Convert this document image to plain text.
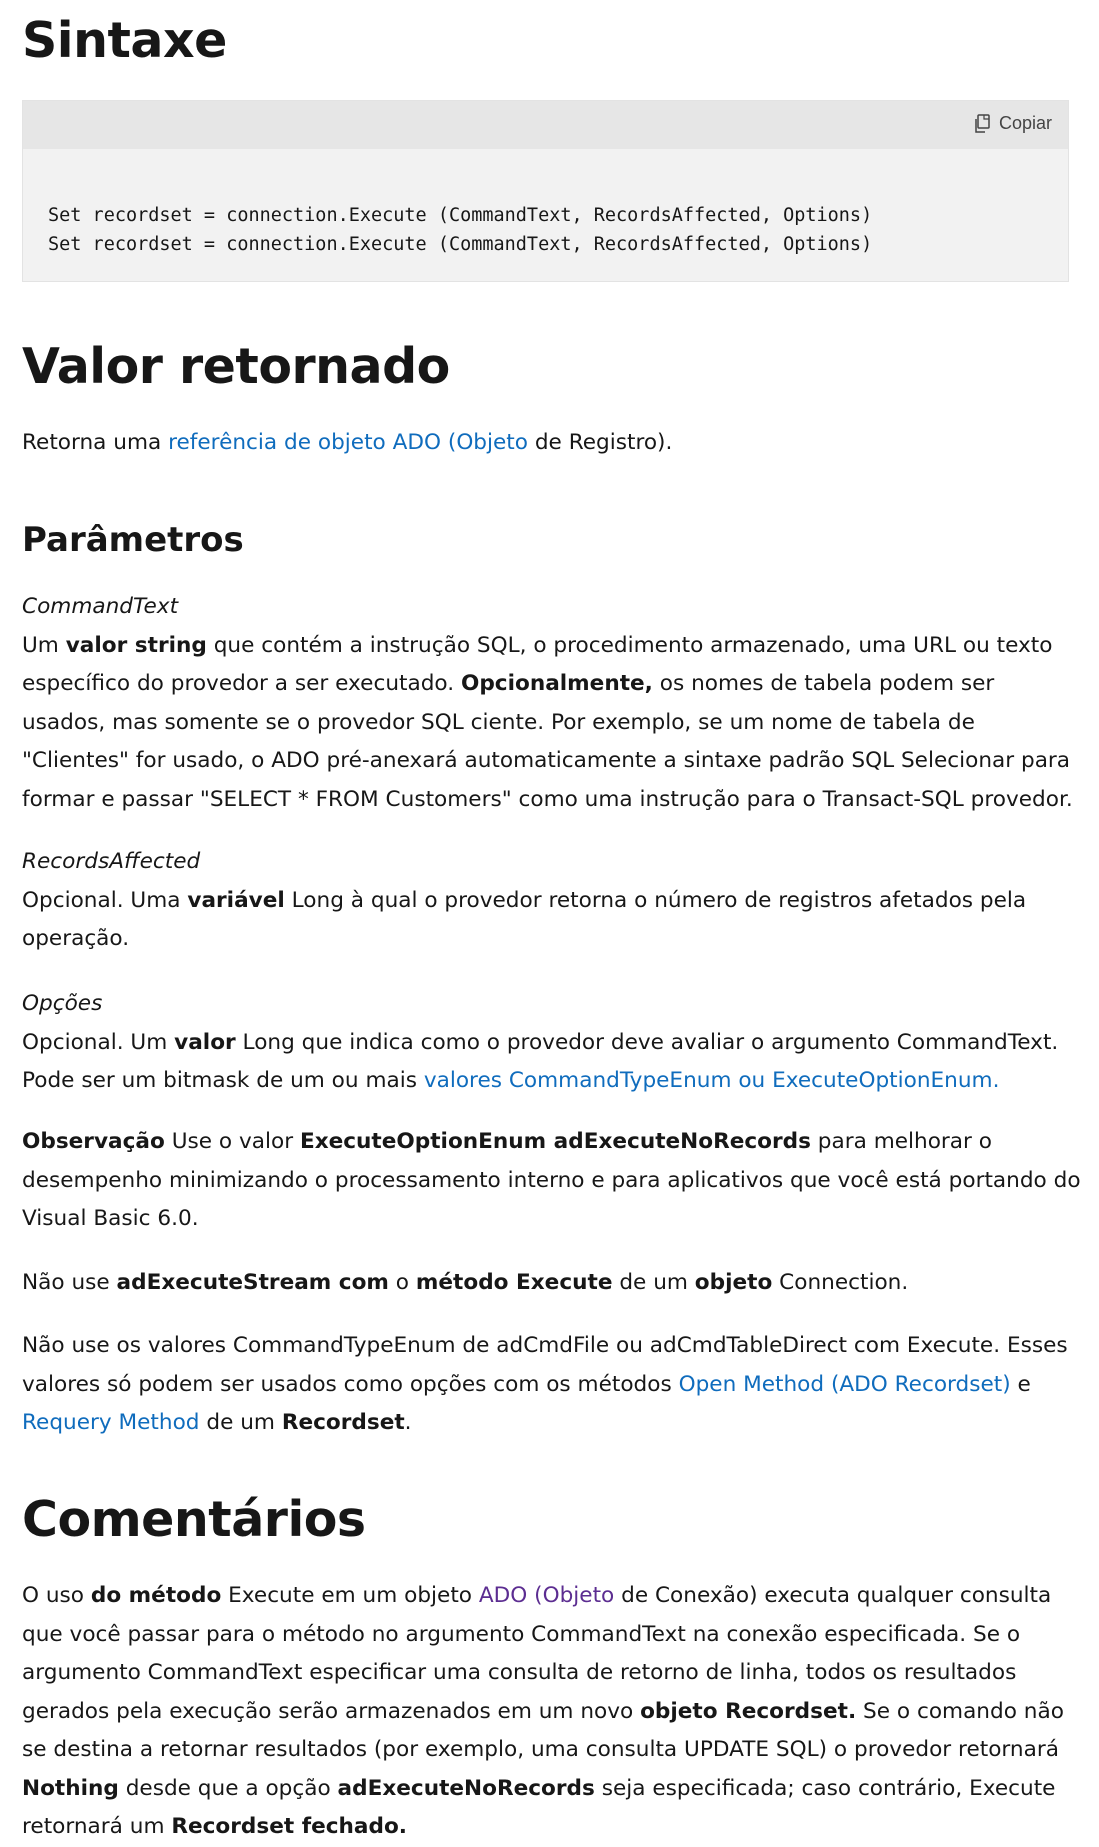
Sintaxe
Copiar
Set recordset = connection.Execute (CommandText, RecordsAffected, Options)
Set recordset = connection.Execute (CommandText, RecordsAffected, Options)
Valor retornado

Retorna uma referência de objeto ADO (Objeto de Registro).

Parâmetros

CommandText

Um valor string que contém a instrução SQL, o procedimento armazenado, uma URL ou texto específico do provedor a ser executado. Opcionalmente, os nomes de tabela podem ser usados, mas somente se o provedor SQL ciente. Por exemplo, se um nome de tabela de "Clientes" for usado, o ADO pré-anexará automaticamente a sintaxe padrão SQL Selecionar para formar e passar "SELECT * FROM Customers" como uma instrução para o Transact-SQL provedor.

RecordsAffected

Opcional. Uma variável Long à qual o provedor retorna o número de registros afetados pela operação.

Opções

Opcional. Um valor Long que indica como o provedor deve avaliar o argumento CommandText. Pode ser um bitmask de um ou mais valores CommandTypeEnum ou ExecuteOptionEnum.

Observação Use o valor ExecuteOptionEnum adExecuteNoRecords para melhorar o desempenho minimizando o processamento interno e para aplicativos que você está portando do Visual Basic 6.0.

Não use adExecuteStream com o método Execute de um objeto Connection.

Não use os valores CommandTypeEnum de adCmdFile ou adCmdTableDirect com Execute. Esses valores só podem ser usados como opções com os métodos Open Method (ADO Recordset) e Requery Method de um Recordset.

Comentários

O uso do método Execute em um objeto ADO (Objeto de Conexão) executa qualquer consulta que você passar para o método no argumento CommandText na conexão especificada. Se o argumento CommandText especificar uma consulta de retorno de linha, todos os resultados gerados pela execução serão armazenados em um novo objeto Recordset. Se o comando não se destina a retornar resultados (por exemplo, uma consulta UPDATE SQL) o provedor retornará Nothing desde que a opção adExecuteNoRecords seja especificada; caso contrário, Execute retornará um Recordset fechado.
